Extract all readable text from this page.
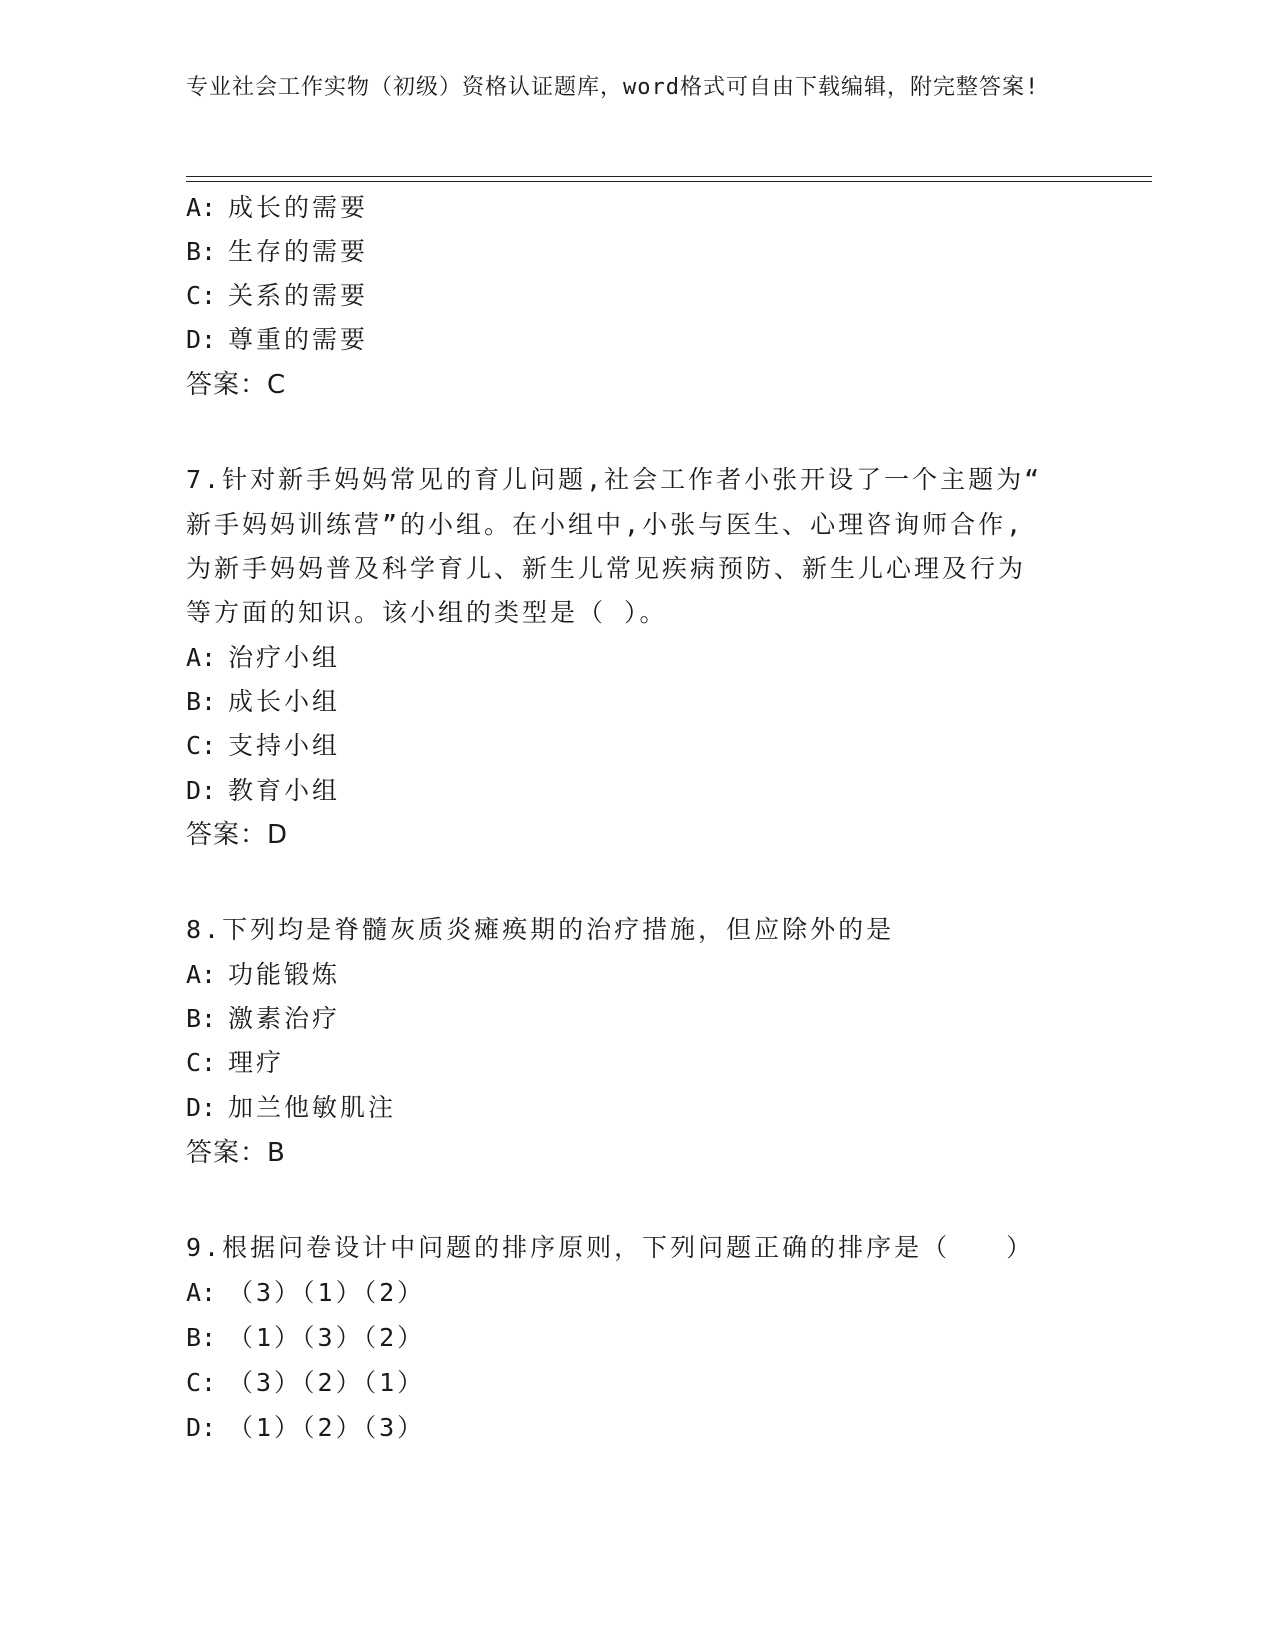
专业社会工作实物（初级）资格认证题库，word格式可自由下载编辑，附完整答案!
A: 成长的需要
B: 生存的需要
C: 关系的需要
D: 尊重的需要
答案：C
7.针对新手妈妈常见的育儿问题,社会工作者小张开设了一个主题为“
新手妈妈训练营”的小组。在小组中,小张与医生、心理咨询师合作,
为新手妈妈普及科学育儿、新生儿常见疾病预防、新生儿心理及行为
等方面的知识。该小组的类型是（ ）。
A: 治疗小组
B: 成长小组
C: 支持小组
D: 教育小组
答案：D
8.下列均是脊髓灰质炎瘫痪期的治疗措施，但应除外的是
A: 功能锻炼
B: 激素治疗
C: 理疗
D: 加兰他敏肌注
答案：B
9.根据问卷设计中问题的排序原则，下列问题正确的排序是（　　）
A: （3）（1）（2）
B: （1）（3）（2）
C: （3）（2）（1）
D: （1）（2）（3）
